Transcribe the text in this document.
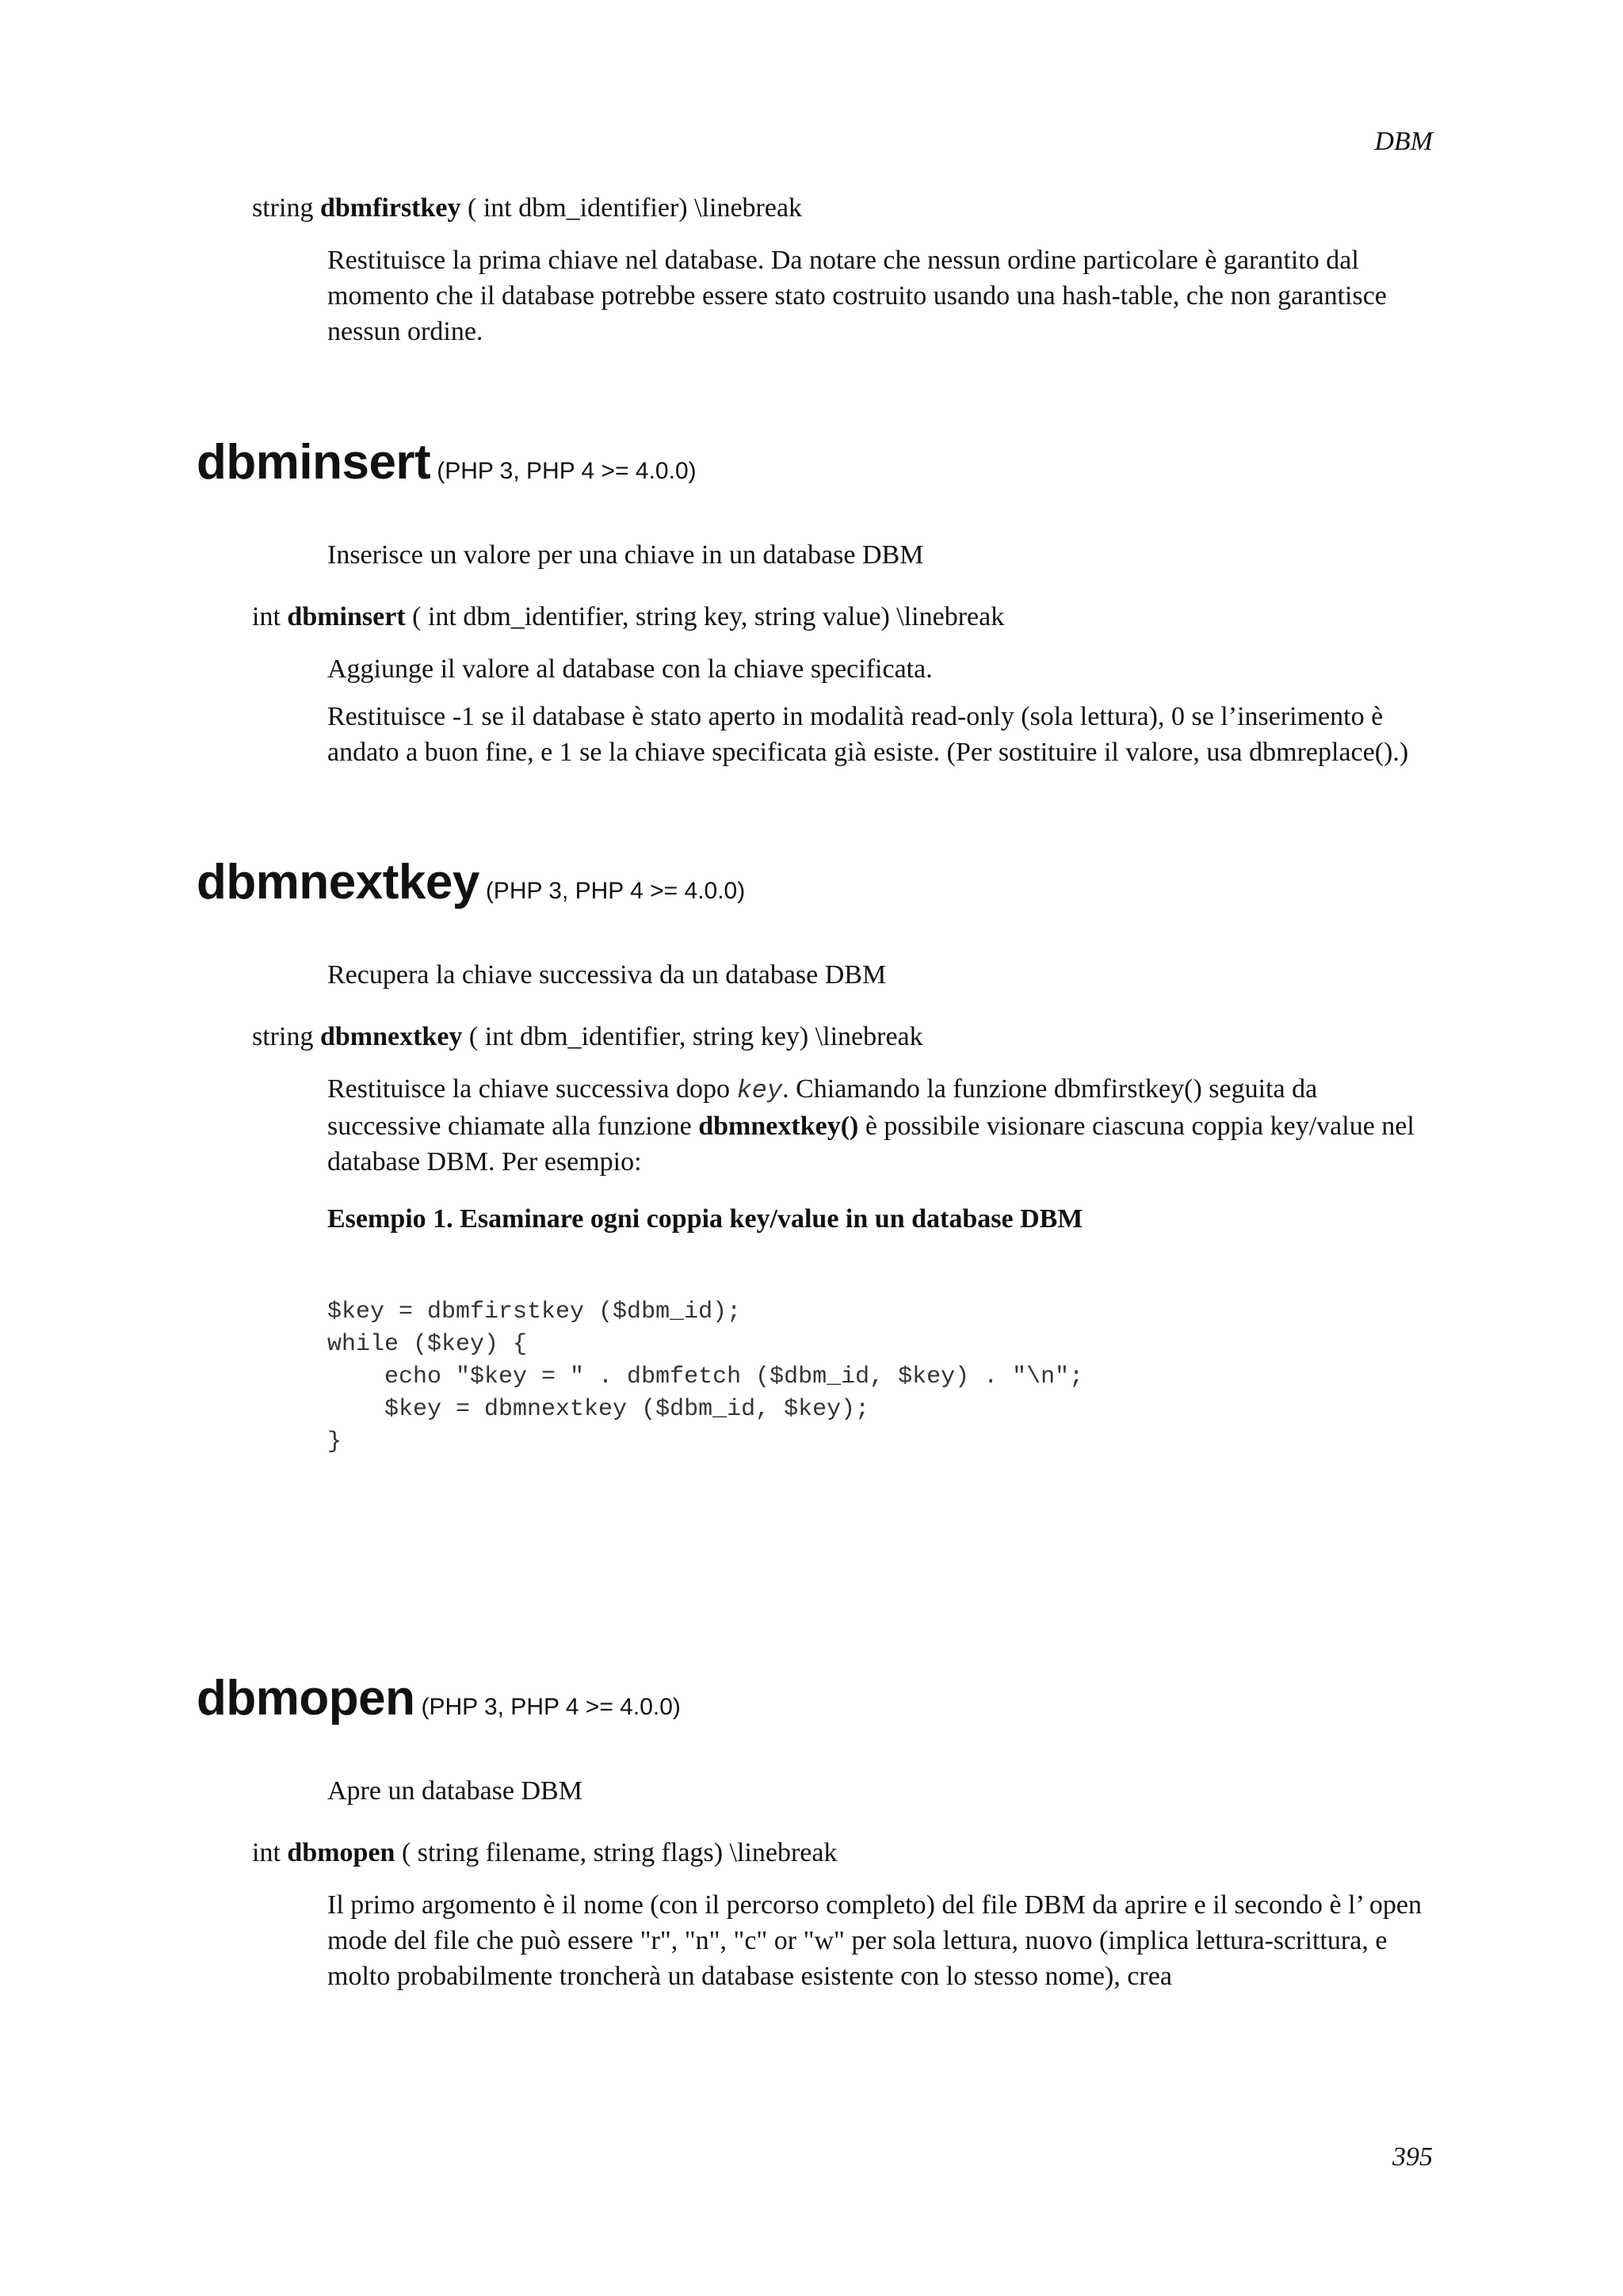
DBM
string dbmfirstkey ( int dbm_identifier) \linebreak
Restituisce la prima chiave nel database. Da notare che nessun ordine particolare è garantito dal momento che il database potrebbe essere stato costruito usando una hash-table, che non garantisce nessun ordine.
dbminsert (PHP 3, PHP 4 >= 4.0.0)
Inserisce un valore per una chiave in un database DBM
int dbminsert ( int dbm_identifier, string key, string value) \linebreak
Aggiunge il valore al database con la chiave specificata.
Restituisce -1 se il database è stato aperto in modalità read-only (sola lettura), 0 se l’inserimento è andato a buon fine, e 1 se la chiave specificata già esiste. (Per sostituire il valore, usa dbmreplace().)
dbmnextkey (PHP 3, PHP 4 >= 4.0.0)
Recupera la chiave successiva da un database DBM
string dbmnextkey ( int dbm_identifier, string key) \linebreak
Restituisce la chiave successiva dopo key. Chiamando la funzione dbmfirstkey() seguita da successive chiamate alla funzione dbmnextkey() è possibile visionare ciascuna coppia key/value nel database DBM. Per esempio:
Esempio 1. Esaminare ogni coppia key/value in un database DBM
$key = dbmfirstkey ($dbm_id);
while ($key) {
echo "$key = " . dbmfetch ($dbm_id, $key) . "\n";
$key = dbmnextkey ($dbm_id, $key);
}
dbmopen (PHP 3, PHP 4 >= 4.0.0)
Apre un database DBM
int dbmopen ( string filename, string flags) \linebreak
Il primo argomento è il nome (con il percorso completo) del file DBM da aprire e il secondo è l’ open mode del file che può essere "r", "n", "c" or "w" per sola lettura, nuovo (implica lettura-scrittura, e molto probabilmente troncherà un database esistente con lo stesso nome), crea
395
